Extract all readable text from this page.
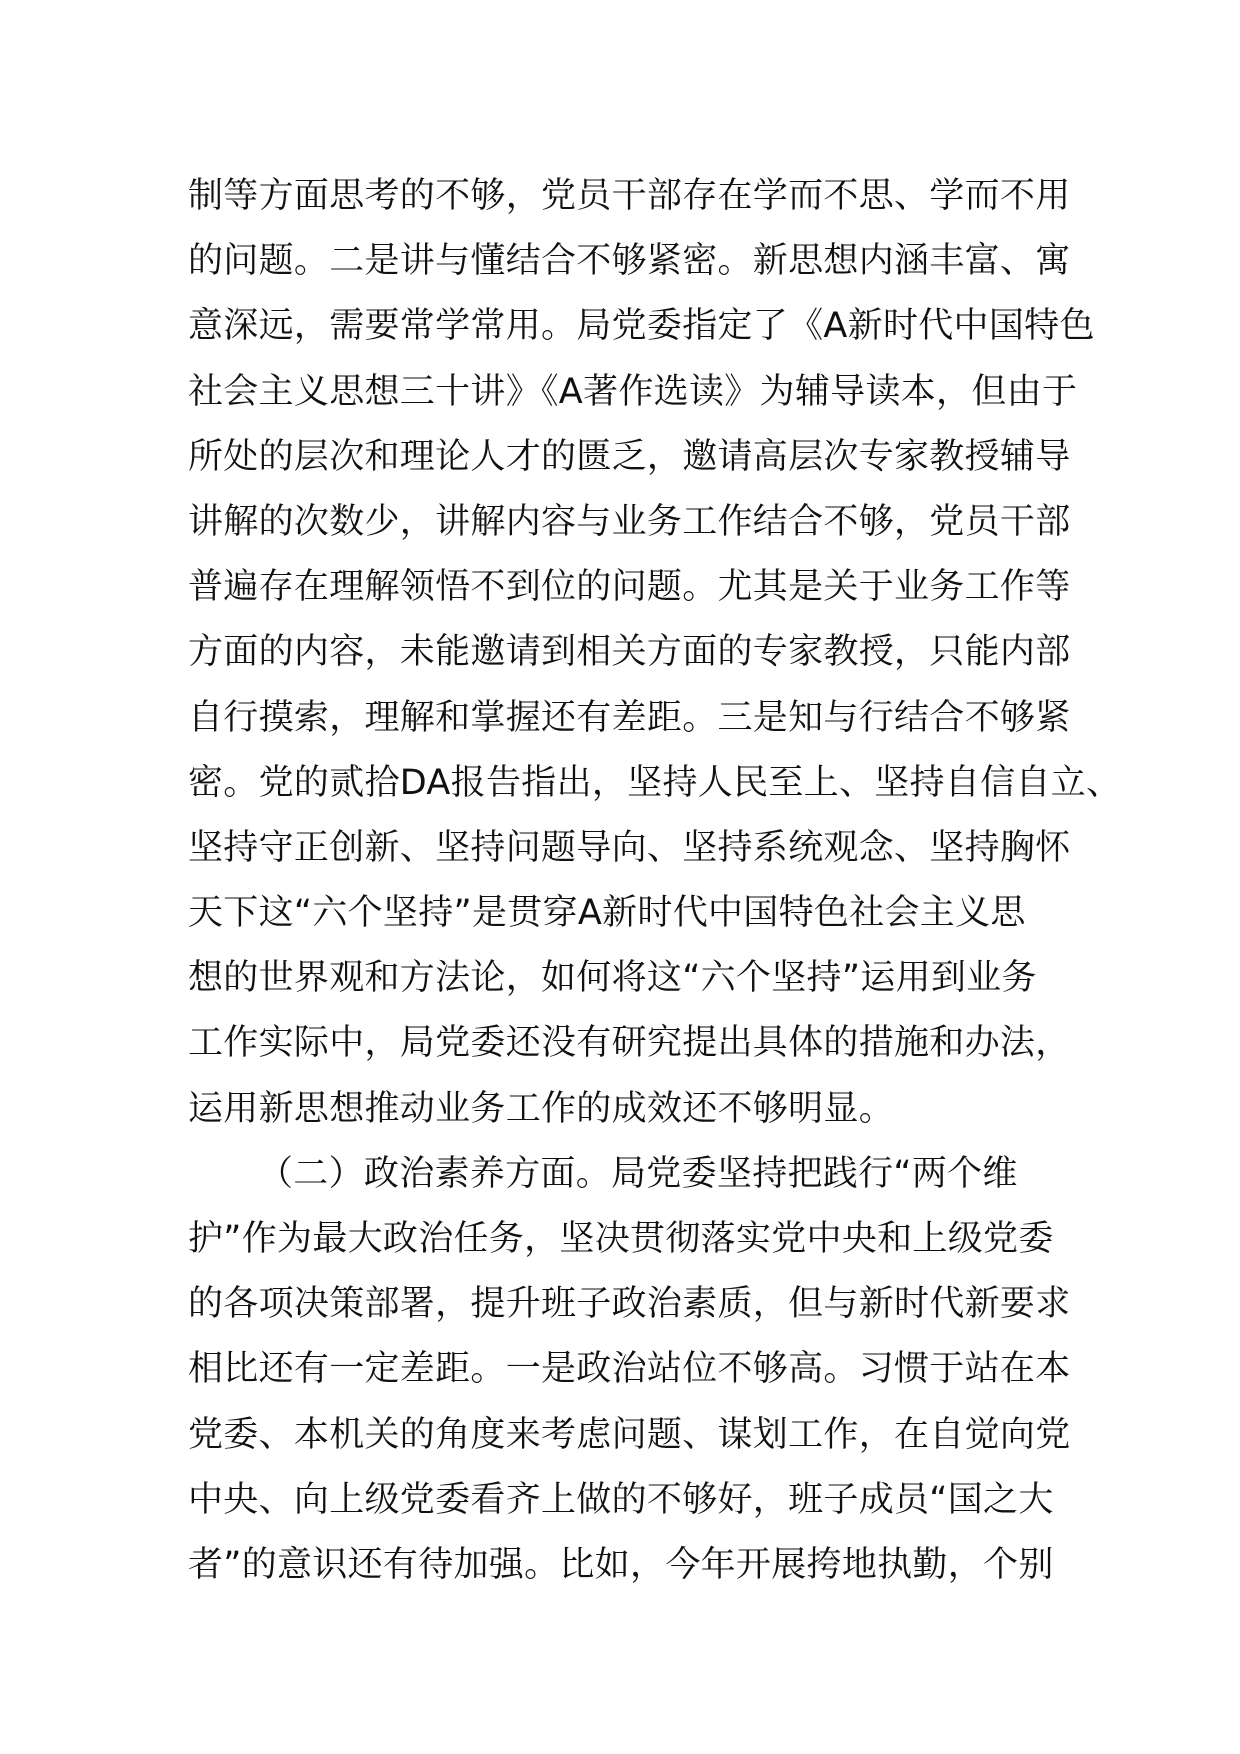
制等方面思考的不够，党员干部存在学而不思、学而不用
的问题。二是讲与懂结合不够紧密。新思想内涵丰富、寓
意深远，需要常学常用。局党委指定了《A新时代中国特色
社会主义思想三十讲》《A著作选读》为辅导读本，但由于
所处的层次和理论人才的匮乏，邀请高层次专家教授辅导
讲解的次数少，讲解内容与业务工作结合不够，党员干部
普遍存在理解领悟不到位的问题。尤其是关于业务工作等
方面的内容，未能邀请到相关方面的专家教授，只能内部
自行摸索，理解和掌握还有差距。三是知与行结合不够紧
密。党的贰拾DA报告指出，坚持人民至上、坚持自信自立、
坚持守正创新、坚持问题导向、坚持系统观念、坚持胸怀
天下这“六个坚持”是贯穿A新时代中国特色社会主义思
想的世界观和方法论，如何将这“六个坚持”运用到业务
工作实际中，局党委还没有研究提出具体的措施和办法，
运用新思想推动业务工作的成效还不够明显。
（二）政治素养方面。局党委坚持把践行“两个维
护”作为最大政治任务，坚决贯彻落实党中央和上级党委
的各项决策部署，提升班子政治素质，但与新时代新要求
相比还有一定差距。一是政治站位不够高。习惯于站在本
党委、本机关的角度来考虑问题、谋划工作，在自觉向党
中央、向上级党委看齐上做的不够好，班子成员“国之大
者”的意识还有待加强。比如，今年开展挎地执勤，个别
